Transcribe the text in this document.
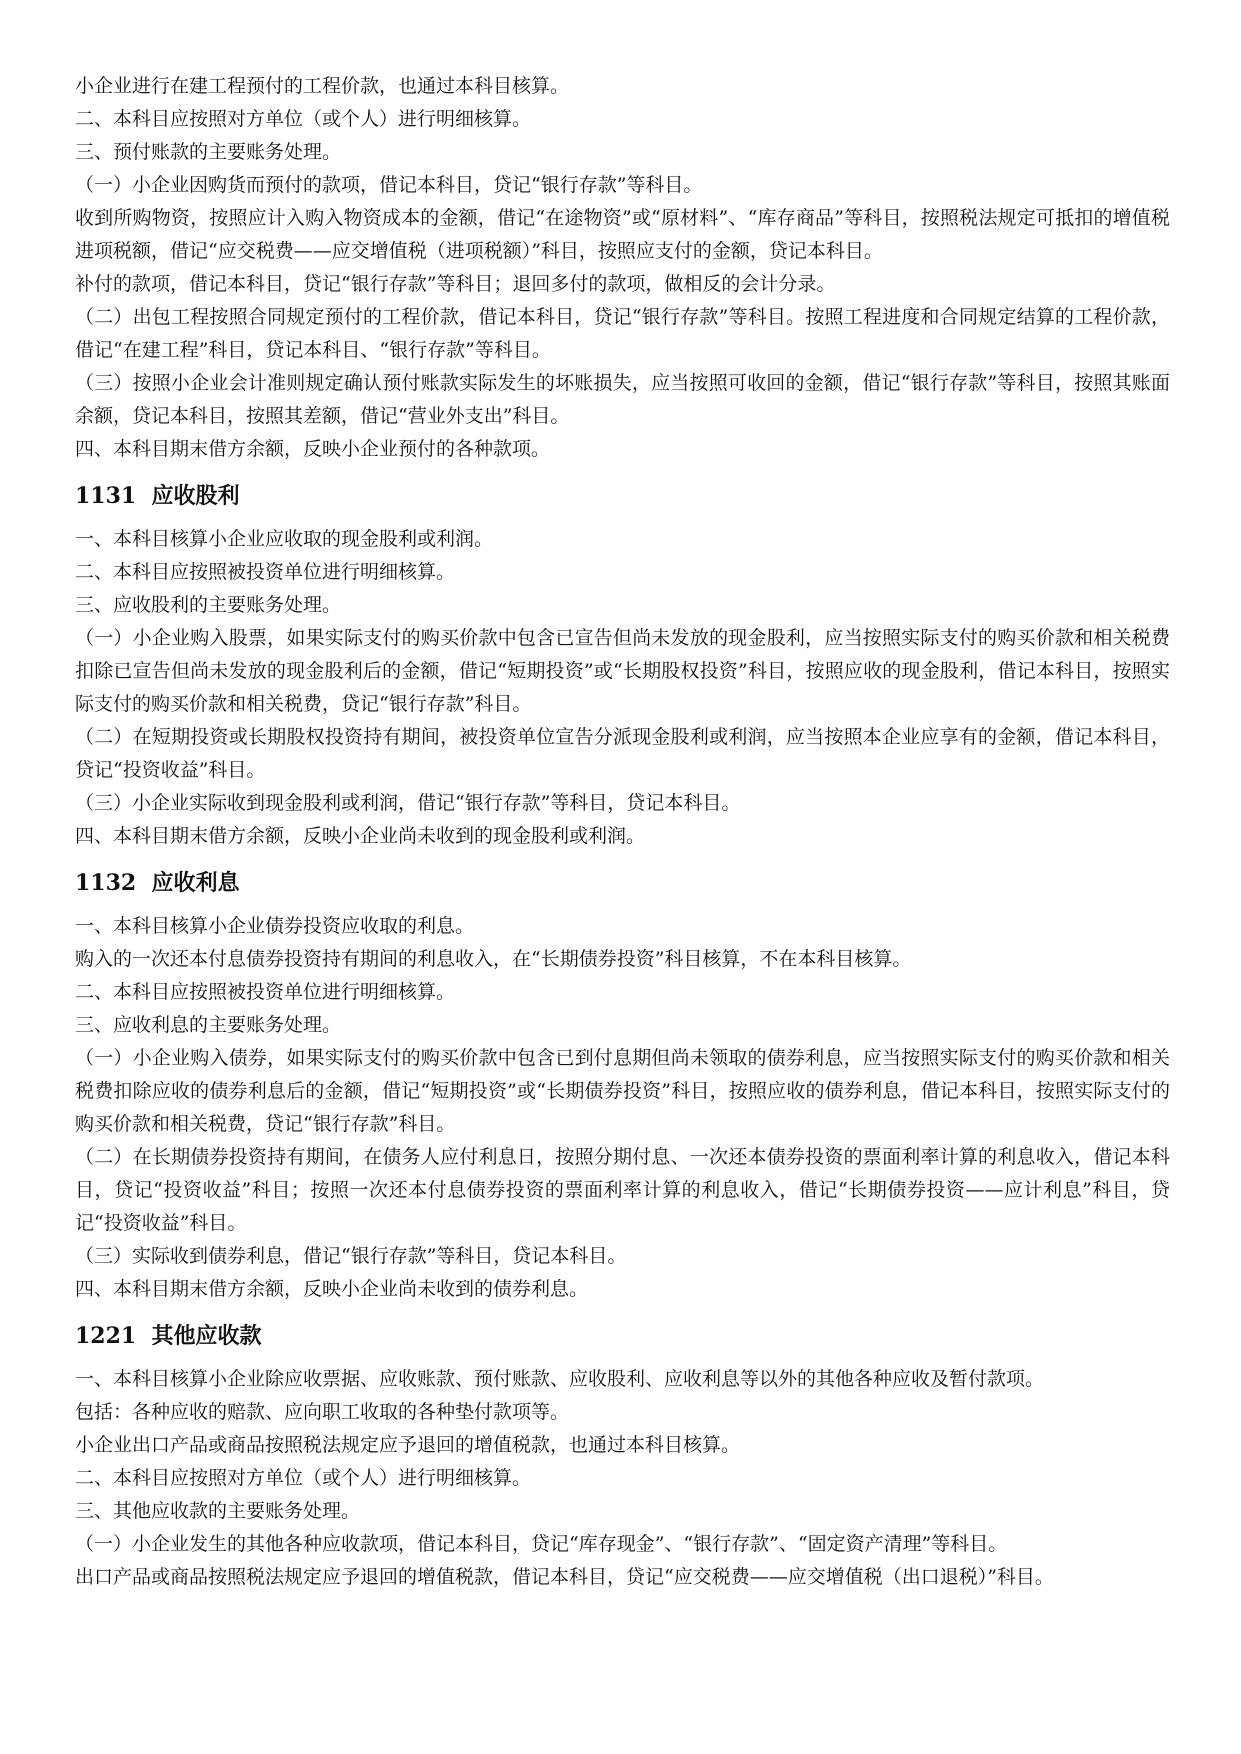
小企业进行在建工程预付的工程价款，也通过本科目核算。

二、本科目应按照对方单位（或个人）进行明细核算。

三、预付账款的主要账务处理。

（一）小企业因购货而预付的款项，借记本科目，贷记“银行存款”等科目。

收到所购物资，按照应计入购入物资成本的金额，借记“在途物资”或“原材料”、“库存商品”等科目，按照税法规定可抵扣的增值税进项税额，借记“应交税费——应交增值税（进项税额）”科目，按照应支付的金额，贷记本科目。

补付的款项，借记本科目，贷记“银行存款”等科目；退回多付的款项，做相反的会计分录。

（二）出包工程按照合同规定预付的工程价款，借记本科目，贷记“银行存款”等科目。按照工程进度和合同规定结算的工程价款，借记“在建工程”科目，贷记本科目、“银行存款”等科目。

（三）按照小企业会计准则规定确认预付账款实际发生的坏账损失，应当按照可收回的金额，借记“银行存款”等科目，按照其账面余额，贷记本科目，按照其差额，借记“营业外支出”科目。

四、本科目期末借方余额，反映小企业预付的各种款项。

1131  应收股利

一、本科目核算小企业应收取的现金股利或利润。

二、本科目应按照被投资单位进行明细核算。

三、应收股利的主要账务处理。

（一）小企业购入股票，如果实际支付的购买价款中包含已宣告但尚未发放的现金股利，应当按照实际支付的购买价款和相关税费扣除已宣告但尚未发放的现金股利后的金额，借记“短期投资”或“长期股权投资”科目，按照应收的现金股利，借记本科目，按照实际支付的购买价款和相关税费，贷记“银行存款”科目。

（二）在短期投资或长期股权投资持有期间，被投资单位宣告分派现金股利或利润，应当按照本企业应享有的金额，借记本科目，贷记“投资收益”科目。

（三）小企业实际收到现金股利或利润，借记“银行存款”等科目，贷记本科目。

四、本科目期末借方余额，反映小企业尚未收到的现金股利或利润。

1132  应收利息

一、本科目核算小企业债券投资应收取的利息。

购入的一次还本付息债券投资持有期间的利息收入，在“长期债券投资”科目核算，不在本科目核算。

二、本科目应按照被投资单位进行明细核算。

三、应收利息的主要账务处理。

（一）小企业购入债券，如果实际支付的购买价款中包含已到付息期但尚未领取的债券利息，应当按照实际支付的购买价款和相关税费扣除应收的债券利息后的金额，借记“短期投资”或“长期债券投资”科目，按照应收的债券利息，借记本科目，按照实际支付的购买价款和相关税费，贷记“银行存款”科目。

（二）在长期债券投资持有期间，在债务人应付利息日，按照分期付息、一次还本债券投资的票面利率计算的利息收入，借记本科目，贷记“投资收益”科目；按照一次还本付息债券投资的票面利率计算的利息收入，借记“长期债券投资——应计利息”科目，贷记“投资收益”科目。

（三）实际收到债券利息，借记“银行存款”等科目，贷记本科目。

四、本科目期末借方余额，反映小企业尚未收到的债券利息。

1221  其他应收款

一、本科目核算小企业除应收票据、应收账款、预付账款、应收股利、应收利息等以外的其他各种应收及暂付款项。

包括：各种应收的赔款、应向职工收取的各种垫付款项等。

小企业出口产品或商品按照税法规定应予退回的增值税款，也通过本科目核算。

二、本科目应按照对方单位（或个人）进行明细核算。

三、其他应收款的主要账务处理。

（一）小企业发生的其他各种应收款项，借记本科目，贷记“库存现金”、“银行存款”、“固定资产清理”等科目。

出口产品或商品按照税法规定应予退回的增值税款，借记本科目，贷记“应交税费——应交增值税（出口退税）”科目。
